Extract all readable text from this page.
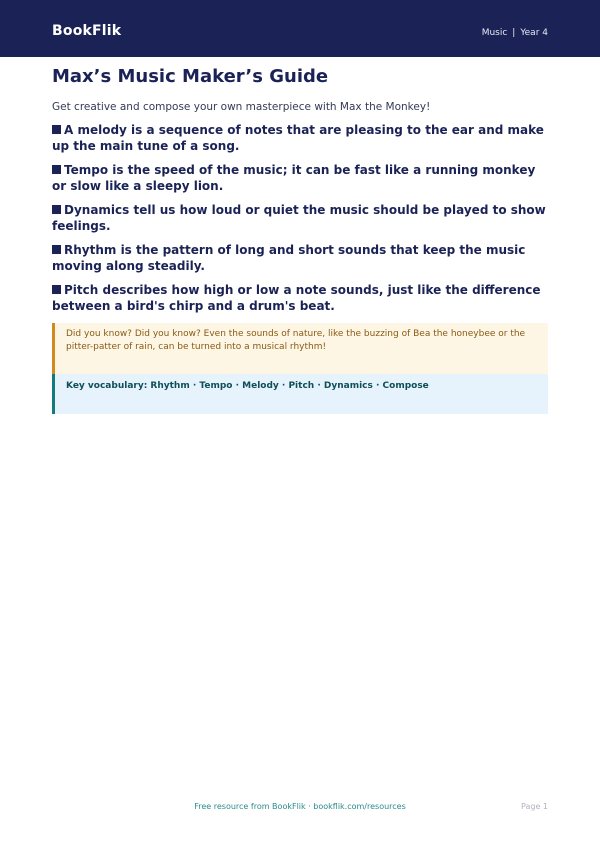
BookFlik	Music | Year 4
Max’s Music Maker’s Guide
Get creative and compose your own masterpiece with Max the Monkey!
A melody is a sequence of notes that are pleasing to the ear and make up the main tune of a song.
Tempo is the speed of the music; it can be fast like a running monkey or slow like a sleepy lion.
Dynamics tell us how loud or quiet the music should be played to show feelings.
Rhythm is the pattern of long and short sounds that keep the music moving along steadily.
Pitch describes how high or low a note sounds, just like the difference between a bird's chirp and a drum's beat.
Did you know? Did you know? Even the sounds of nature, like the buzzing of Bea the honeybee or the pitter-patter of rain, can be turned into a musical rhythm!
Key vocabulary: Rhythm · Tempo · Melody · Pitch · Dynamics · Compose
Free resource from BookFlik · bookflik.com/resources	Page 1
